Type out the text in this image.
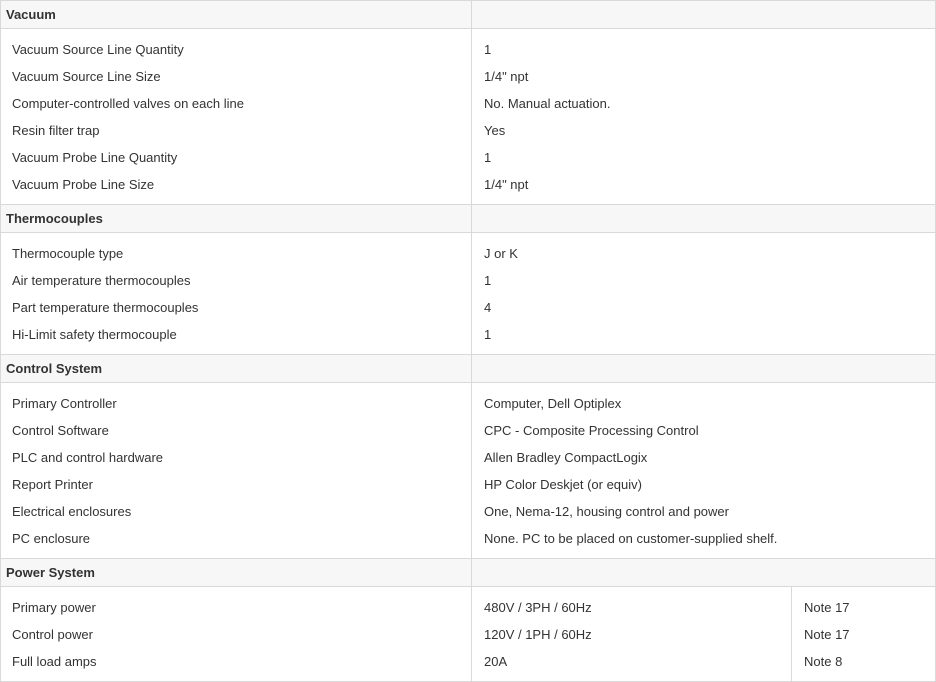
Vacuum		

Vacuum Source Line Quantity	1	
Vacuum Source Line Size	1/4" npt	
Computer-controlled valves on each line	No. Manual actuation.	
Resin filter trap	Yes	
Vacuum Probe Line Quantity	1	
Vacuum Probe Line Size	1/4" npt	

Thermocouples		

Thermocouple type	J or K	
Air temperature thermocouples	1	
Part temperature thermocouples	4	
Hi-Limit safety thermocouple	1	

Control System		

Primary Controller	Computer, Dell Optiplex	
Control Software	CPC - Composite Processing Control	
PLC and control hardware	Allen Bradley CompactLogix	
Report Printer	HP Color Deskjet (or equiv)	
Electrical enclosures	One, Nema-12, housing control and power	
PC enclosure	None. PC to be placed on customer-supplied shelf.	

Power System		

Primary power	480V / 3PH / 60Hz	Note 17
Control power	120V / 1PH / 60Hz	Note 17
Full load amps	20A	Note 8
